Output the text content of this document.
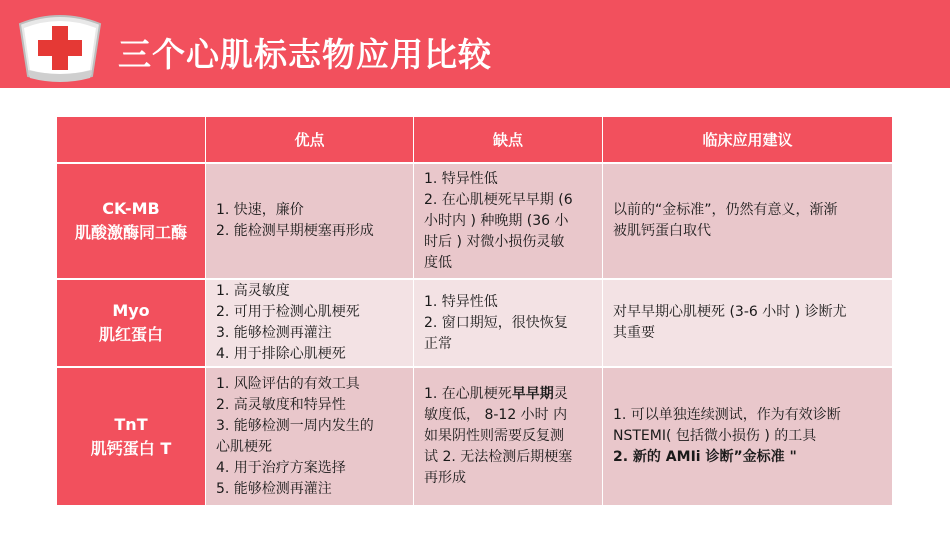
三个心肌标志物应用比较
优点	缺点	临床应用建议
CK-MB
肌酸激酶同工酶

1. 快速，廉价

2. 能检测早期梗塞再形成

1. 特异性低

2. 在心肌梗死早早期 (6

小时内 ) 种晚期 (36 小

时后 ) 对微小损伤灵敏

度低

以前的“金标准”，仍然有意义，渐渐

被肌钙蛋白取代

Myo
肌红蛋白

1. 高灵敏度

2. 可用于检测心肌梗死

3. 能够检测再灌注

4. 用于排除心肌梗死

1. 特异性低

2. 窗口期短，很快恢复

正常

对早早期心肌梗死 (3-6 小时 ) 诊断尤

其重要

TnT
肌钙蛋白 T

1. 风险评估的有效工具

2. 高灵敏度和特异性

3. 能够检测一周内发生的

心肌梗死

4. 用于治疗方案选择

5. 能够检测再灌注

1. 在心肌梗死早早期灵

敏度低， 8-12 小时 内

如果阴性则需要反复测

试 2. 无法检测后期梗塞

再形成

1. 可以单独连续测试，作为有效诊断

NSTEMI( 包括微小损伤 ) 的工具

2. 新的 AMIi 诊断”金标准 "
